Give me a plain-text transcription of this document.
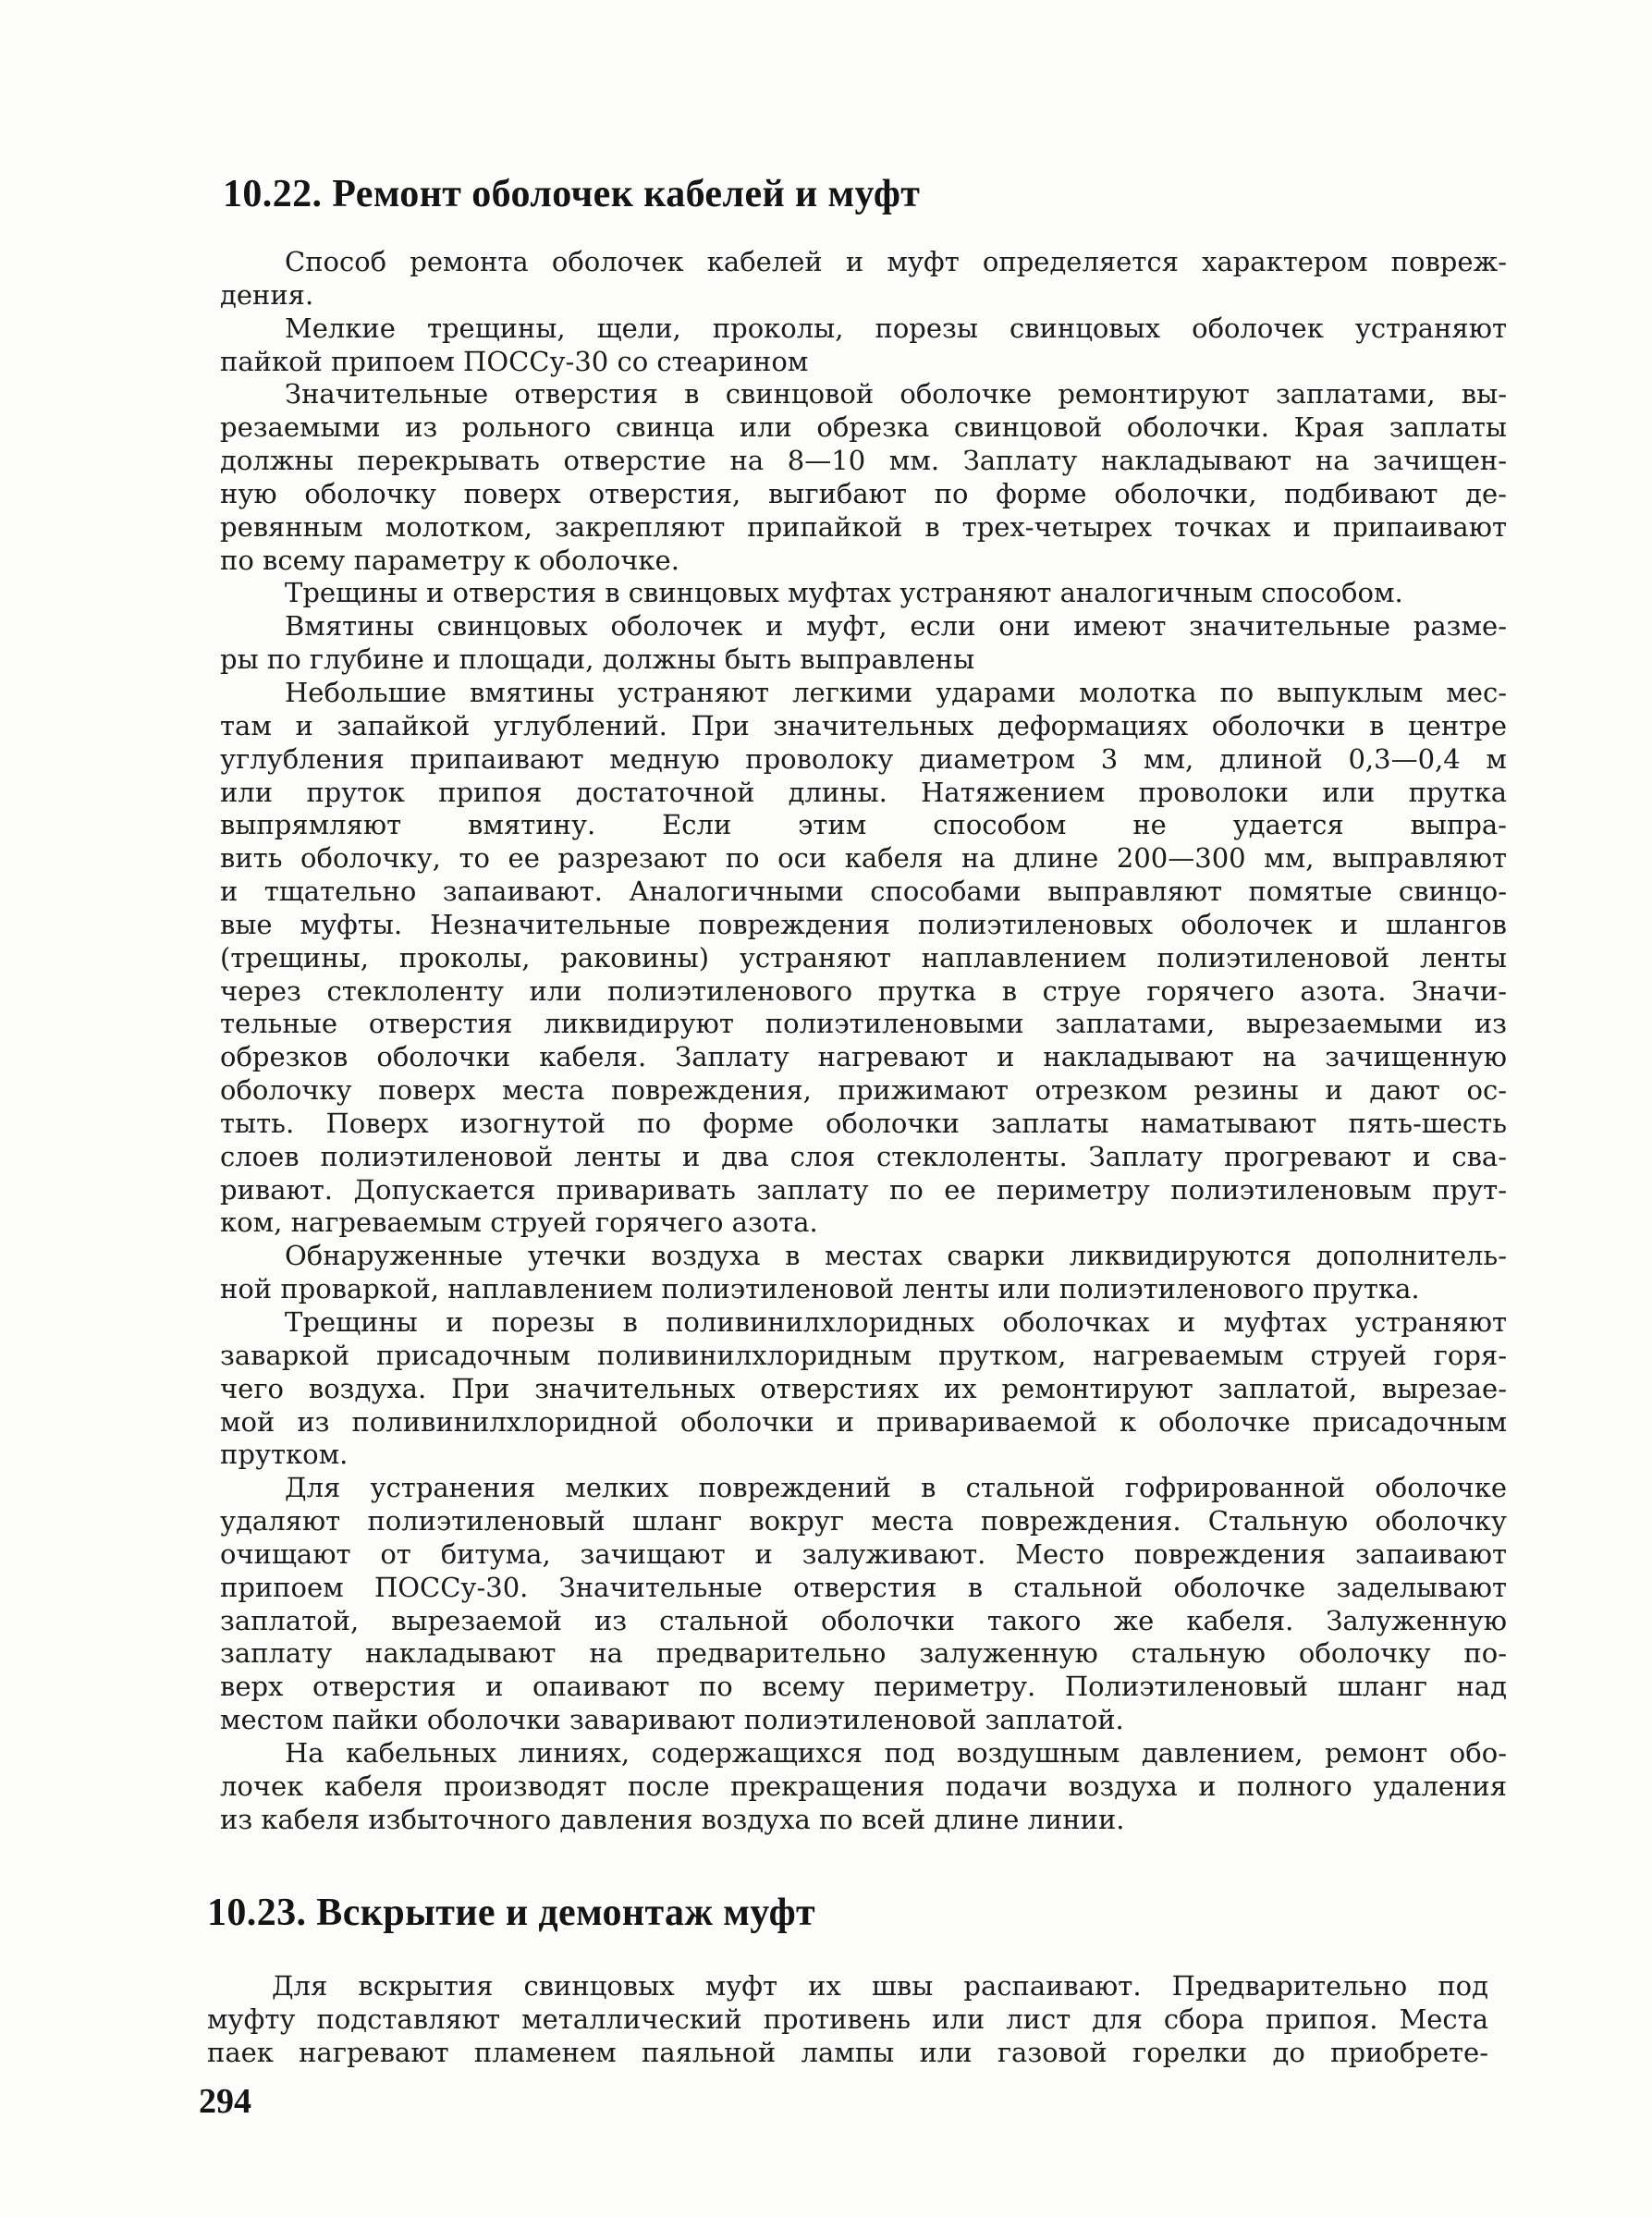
10.22. Ремонт оболочек кабелей и муфт
Способ ремонта оболочек кабелей и муфт определяется характером повреж-
дения.
Мелкие трещины, щели, проколы, порезы свинцовых оболочек устраняют
пайкой припоем ПОССу-30 со стеарином
Значительные отверстия в свинцовой оболочке ремонтируют заплатами, вы-
резаемыми из рольного свинца или обрезка свинцовой оболочки. Края заплаты
должны перекрывать отверстие на 8—10 мм. Заплату накладывают на зачищен-
ную оболочку поверх отверстия, выгибают по форме оболочки, подбивают де-
ревянным молотком, закрепляют припайкой в трех-четырех точках и припаивают
по всему параметру к оболочке.
Трещины и отверстия в свинцовых муфтах устраняют аналогичным способом.
Вмятины свинцовых оболочек и муфт, если они имеют значительные разме-
ры по глубине и площади, должны быть выправлены
Небольшие вмятины устраняют легкими ударами молотка по выпуклым мес-
там и запайкой углублений. При значительных деформациях оболочки в центре
углубления припаивают медную проволоку диаметром 3 мм, длиной 0,3—0,4 м
или пруток припоя достаточной длины. Натяжением проволоки или прутка
выпрямляют вмятину. Если этим способом не удается выпра-
вить оболочку, то ее разрезают по оси кабеля на длине 200—300 мм, выправляют
и тщательно запаивают. Аналогичными способами выправляют помятые свинцо-
вые муфты. Незначительные повреждения полиэтиленовых оболочек и шлангов
(трещины, проколы, раковины) устраняют наплавлением полиэтиленовой ленты
через стеклоленту или полиэтиленового прутка в струе горячего азота. Значи-
тельные отверстия ликвидируют полиэтиленовыми заплатами, вырезаемыми из
обрезков оболочки кабеля. Заплату нагревают и накладывают на зачищенную
оболочку поверх места повреждения, прижимают отрезком резины и дают ос-
тыть. Поверх изогнутой по форме оболочки заплаты наматывают пять-шесть
слоев полиэтиленовой ленты и два слоя стеклоленты. Заплату прогревают и сва-
ривают. Допускается приваривать заплату по ее периметру полиэтиленовым прут-
ком, нагреваемым струей горячего азота.
Обнаруженные утечки воздуха в местах сварки ликвидируются дополнитель-
ной проваркой, наплавлением полиэтиленовой ленты или полиэтиленового прутка.
Трещины и порезы в поливинилхлоридных оболочках и муфтах устраняют
заваркой присадочным поливинилхлоридным прутком, нагреваемым струей горя-
чего воздуха. При значительных отверстиях их ремонтируют заплатой, вырезае-
мой из поливинилхлоридной оболочки и привариваемой к оболочке присадочным
прутком.
Для устранения мелких повреждений в стальной гофрированной оболочке
удаляют полиэтиленовый шланг вокруг места повреждения. Стальную оболочку
очищают от битума, зачищают и залуживают. Место повреждения запаивают
припоем ПОССу-30. Значительные отверстия в стальной оболочке заделывают
заплатой, вырезаемой из стальной оболочки такого же кабеля. Залуженную
заплату накладывают на предварительно залуженную стальную оболочку по-
верх отверстия и опаивают по всему периметру. Полиэтиленовый шланг над
местом пайки оболочки заваривают полиэтиленовой заплатой.
На кабельных линиях, содержащихся под воздушным давлением, ремонт обо-
лочек кабеля производят после прекращения подачи воздуха и полного удаления
из кабеля избыточного давления воздуха по всей длине линии.
10.23. Вскрытие и демонтаж муфт
Для вскрытия свинцовых муфт их швы распаивают. Предварительно под
муфту подставляют металлический противень или лист для сбора припоя. Места
паек нагревают пламенем паяльной лампы или газовой горелки до приобрете-
294
